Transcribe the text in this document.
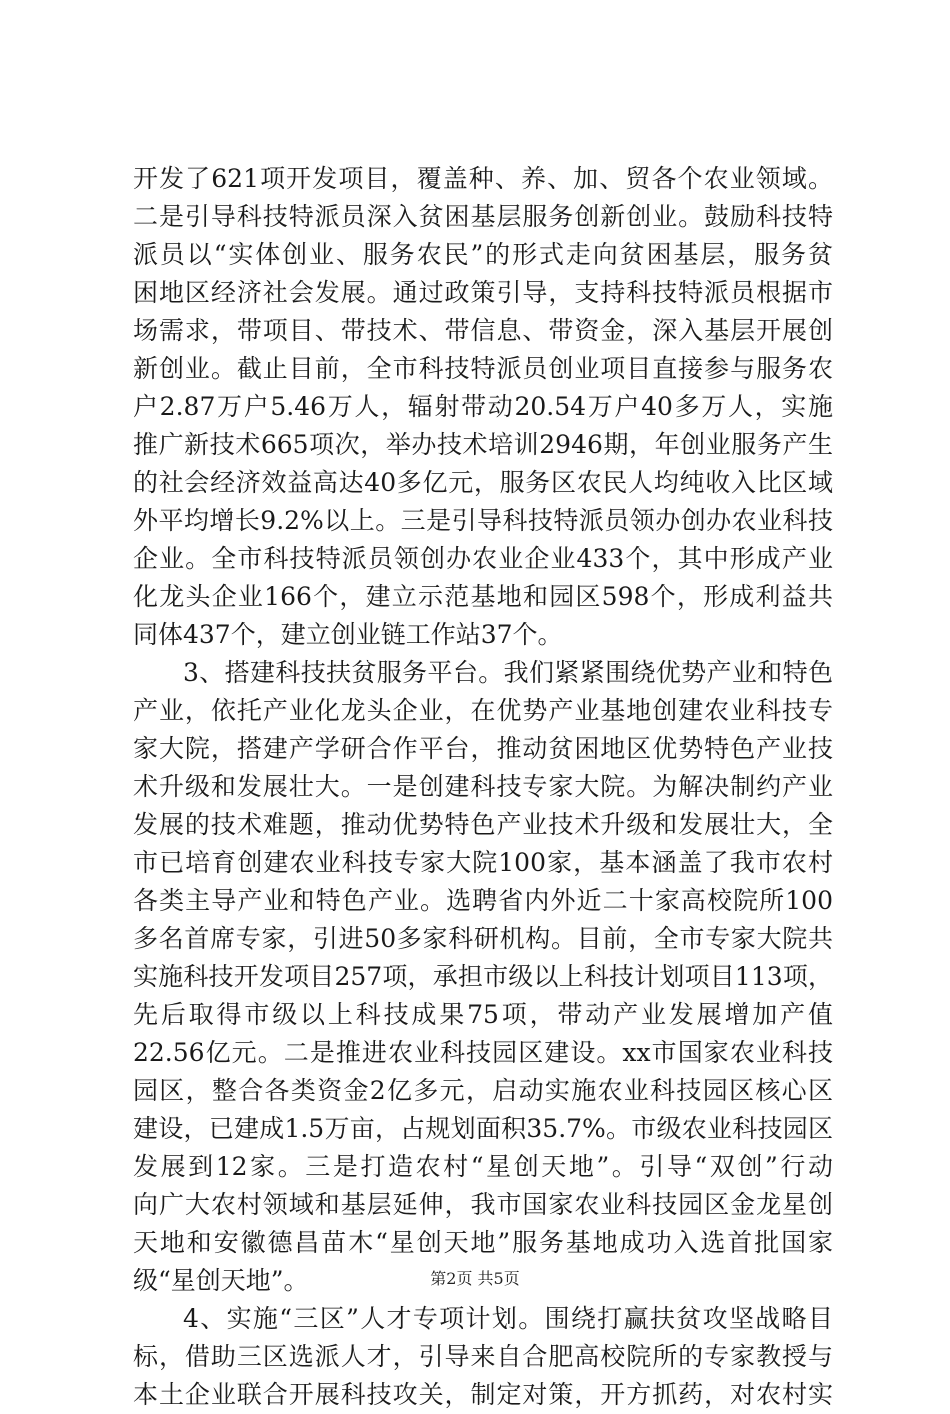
开发了621项开发项目，覆盖种、养、加、贸各个农业领域。
二是引导科技特派员深入贫困基层服务创新创业。鼓励科技特
派员以“实体创业、服务农民”的形式走向贫困基层，服务贫
困地区经济社会发展。通过政策引导，支持科技特派员根据市
场需求，带项目、带技术、带信息、带资金，深入基层开展创
新创业。截止目前，全市科技特派员创业项目直接参与服务农
户2.87万户5.46万人，辐射带动20.54万户40多万人，实施
推广新技术665项次，举办技术培训2946期，年创业服务产生
的社会经济效益高达40多亿元，服务区农民人均纯收入比区域
外平均增长9.2%以上。三是引导科技特派员领办创办农业科技
企业。全市科技特派员领创办农业企业433个，其中形成产业
化龙头企业166个，建立示范基地和园区598个，形成利益共
同体437个，建立创业链工作站37个。
3、搭建科技扶贫服务平台。我们紧紧围绕优势产业和特色
产业，依托产业化龙头企业，在优势产业基地创建农业科技专
家大院，搭建产学研合作平台，推动贫困地区优势特色产业技
术升级和发展壮大。一是创建科技专家大院。为解决制约产业
发展的技术难题，推动优势特色产业技术升级和发展壮大，全
市已培育创建农业科技专家大院100家，基本涵盖了我市农村
各类主导产业和特色产业。选聘省内外近二十家高校院所100
多名首席专家，引进50多家科研机构。目前，全市专家大院共
实施科技开发项目257项，承担市级以上科技计划项目113项，
先后取得市级以上科技成果75项，带动产业发展增加产值
22.56亿元。二是推进农业科技园区建设。xx市国家农业科技
园区，整合各类资金2亿多元，启动实施农业科技园区核心区
建设，已建成1.5万亩，占规划面积35.7%。市级农业科技园区
发展到12家。三是打造农村“星创天地”。引导“双创”行动
向广大农村领域和基层延伸，我市国家农业科技园区金龙星创
天地和安徽德昌苗木“星创天地”服务基地成功入选首批国家
级“星创天地”。
4、实施“三区”人才专项计划。围绕打赢扶贫攻坚战略目
标，借助三区选派人才，引导来自合肥高校院所的专家教授与
本土企业联合开展科技攻关，制定对策，开方抓药，对农村实
第2页 共5页
